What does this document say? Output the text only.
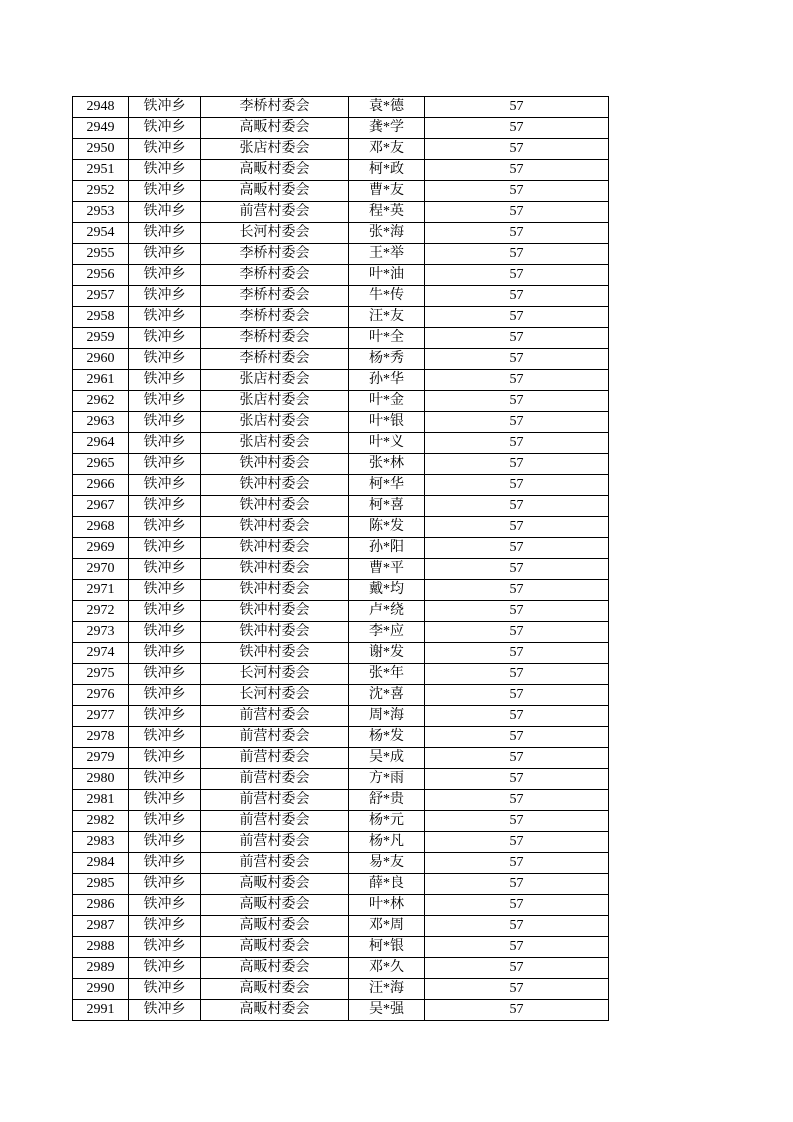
2948	铁冲乡	李桥村委会	袁*德	57
2949	铁冲乡	高畈村委会	龚*学	57
2950	铁冲乡	张店村委会	邓*友	57
2951	铁冲乡	高畈村委会	柯*政	57
2952	铁冲乡	高畈村委会	曹*友	57
2953	铁冲乡	前营村委会	程*英	57
2954	铁冲乡	长河村委会	张*海	57
2955	铁冲乡	李桥村委会	王*举	57
2956	铁冲乡	李桥村委会	叶*油	57
2957	铁冲乡	李桥村委会	牛*传	57
2958	铁冲乡	李桥村委会	汪*友	57
2959	铁冲乡	李桥村委会	叶*全	57
2960	铁冲乡	李桥村委会	杨*秀	57
2961	铁冲乡	张店村委会	孙*华	57
2962	铁冲乡	张店村委会	叶*金	57
2963	铁冲乡	张店村委会	叶*银	57
2964	铁冲乡	张店村委会	叶*义	57
2965	铁冲乡	铁冲村委会	张*林	57
2966	铁冲乡	铁冲村委会	柯*华	57
2967	铁冲乡	铁冲村委会	柯*喜	57
2968	铁冲乡	铁冲村委会	陈*发	57
2969	铁冲乡	铁冲村委会	孙*阳	57
2970	铁冲乡	铁冲村委会	曹*平	57
2971	铁冲乡	铁冲村委会	戴*均	57
2972	铁冲乡	铁冲村委会	卢*绕	57
2973	铁冲乡	铁冲村委会	李*应	57
2974	铁冲乡	铁冲村委会	谢*发	57
2975	铁冲乡	长河村委会	张*年	57
2976	铁冲乡	长河村委会	沈*喜	57
2977	铁冲乡	前营村委会	周*海	57
2978	铁冲乡	前营村委会	杨*发	57
2979	铁冲乡	前营村委会	吴*成	57
2980	铁冲乡	前营村委会	方*雨	57
2981	铁冲乡	前营村委会	舒*贵	57
2982	铁冲乡	前营村委会	杨*元	57
2983	铁冲乡	前营村委会	杨*凡	57
2984	铁冲乡	前营村委会	易*友	57
2985	铁冲乡	高畈村委会	薛*良	57
2986	铁冲乡	高畈村委会	叶*林	57
2987	铁冲乡	高畈村委会	邓*周	57
2988	铁冲乡	高畈村委会	柯*银	57
2989	铁冲乡	高畈村委会	邓*久	57
2990	铁冲乡	高畈村委会	汪*海	57
2991	铁冲乡	高畈村委会	吴*强	57
